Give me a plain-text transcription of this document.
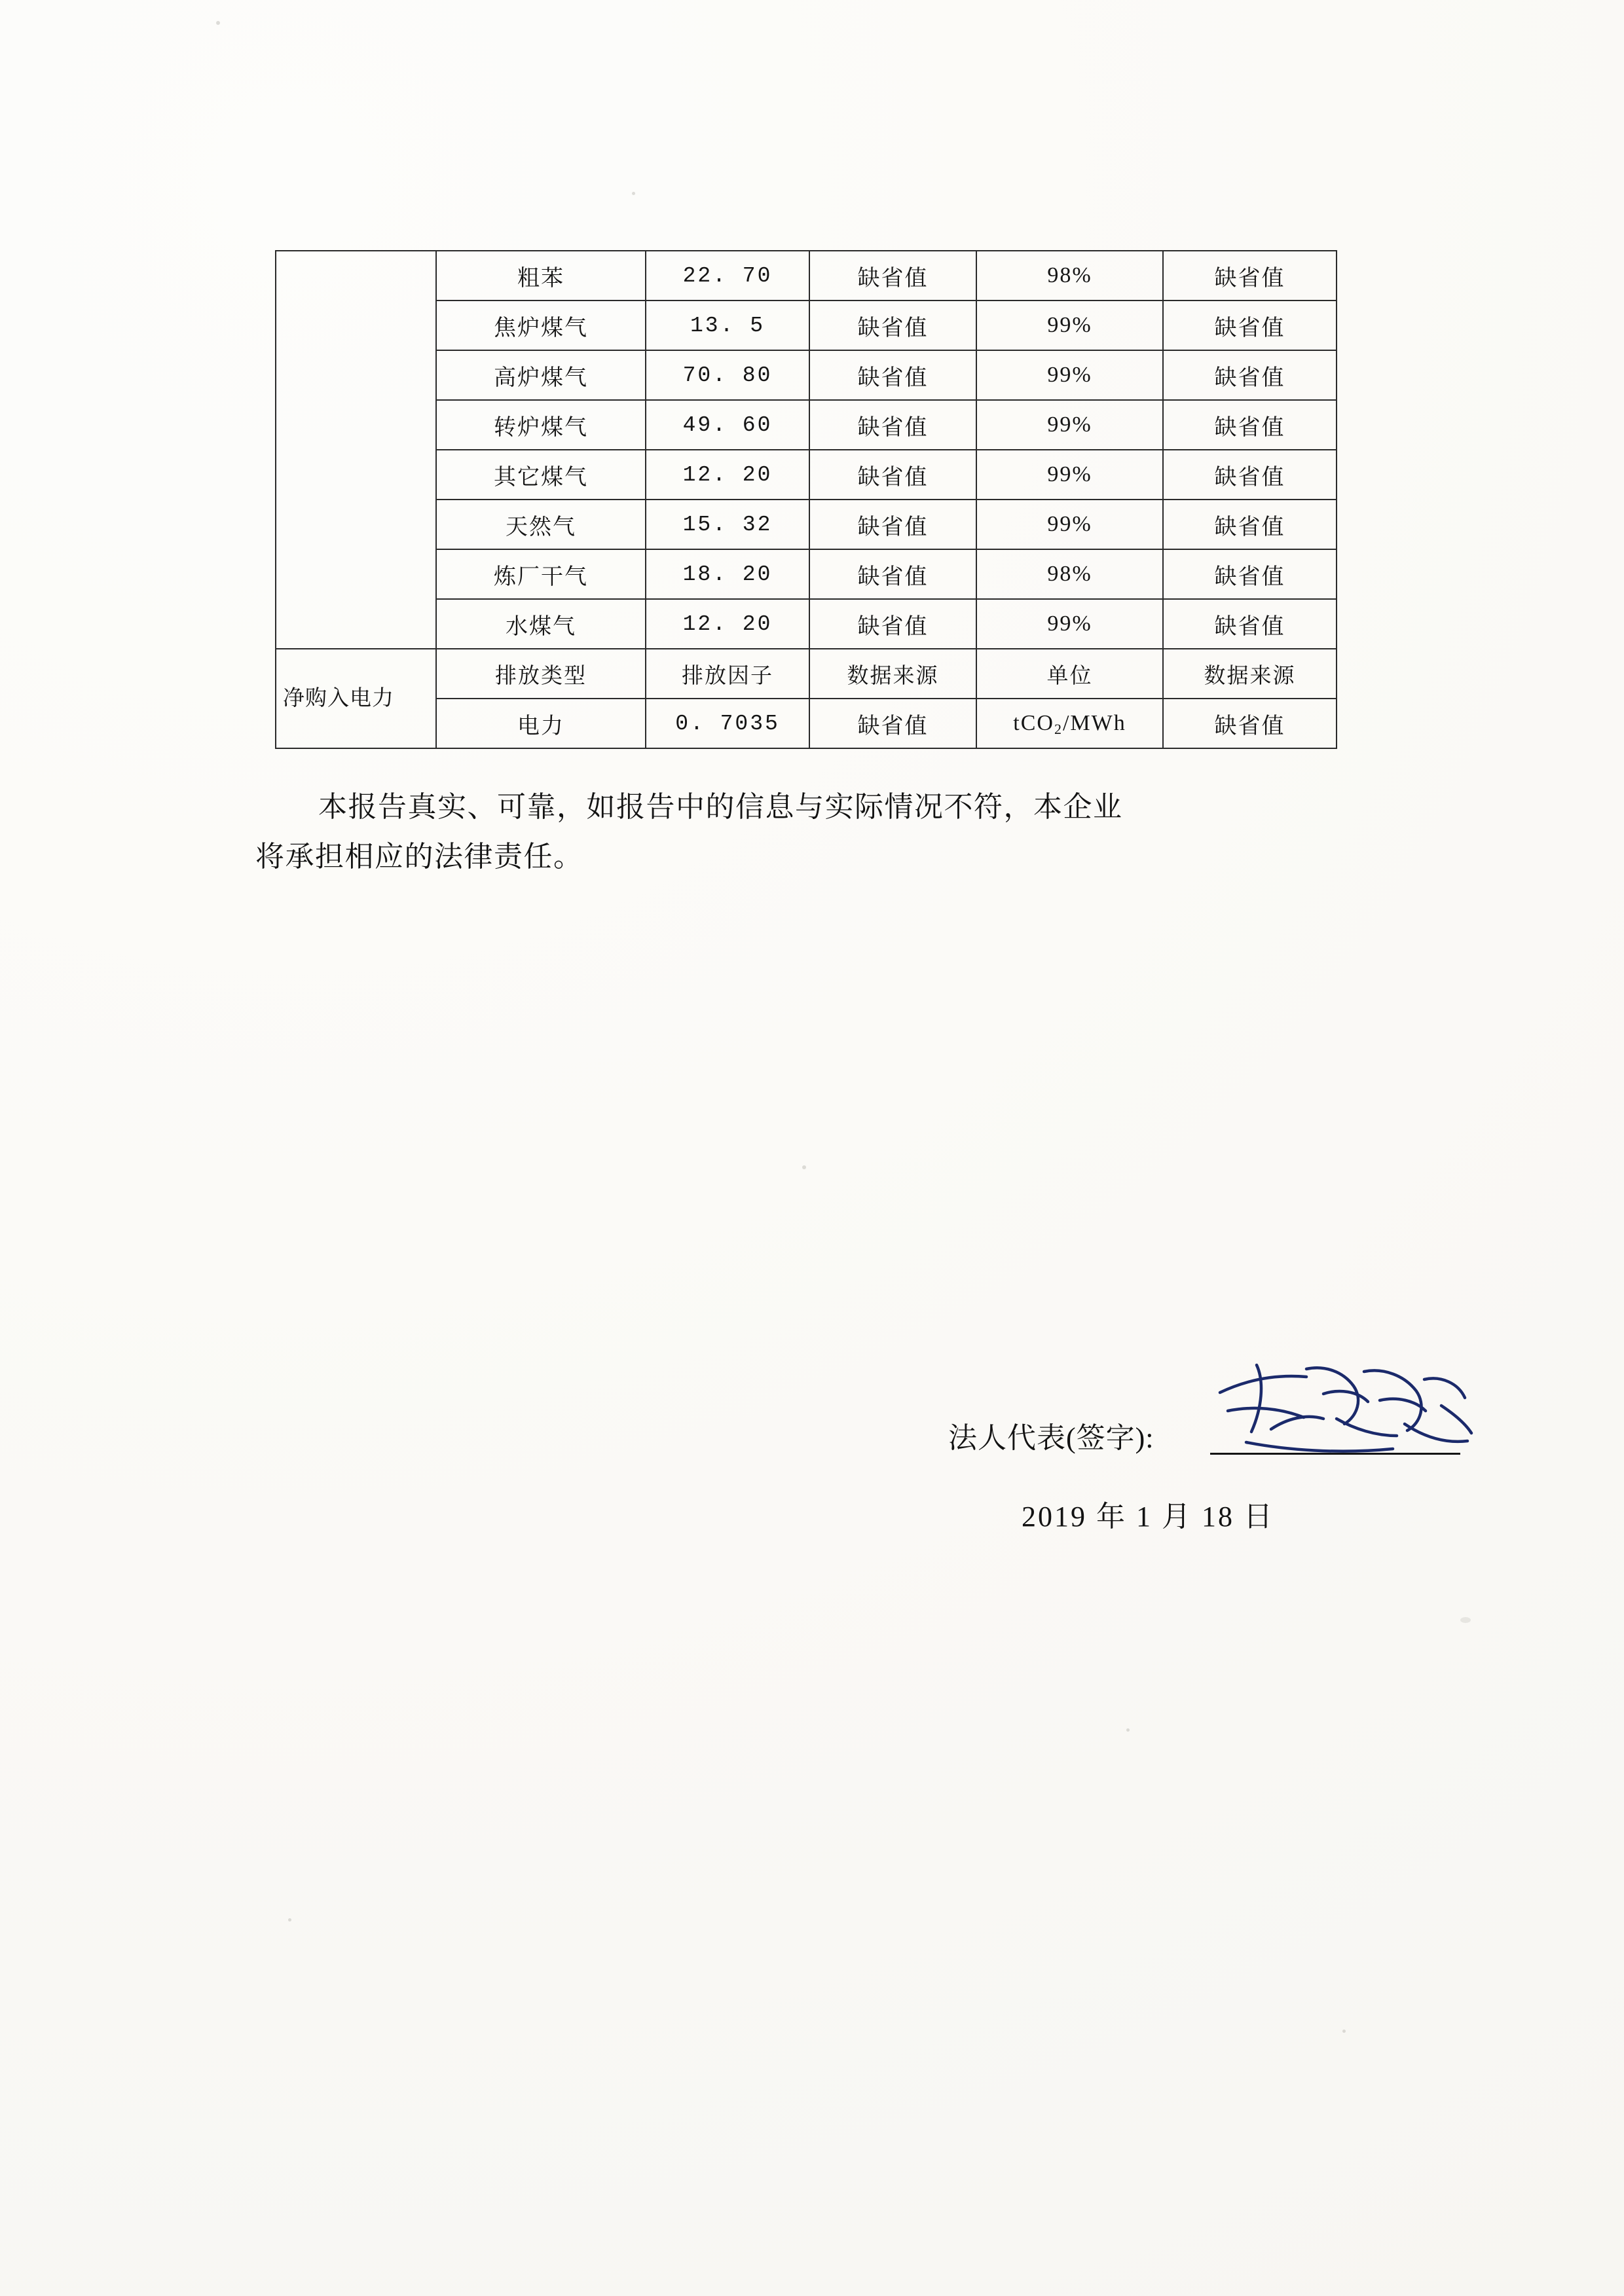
	粗苯	22. 70	缺省值	98%	缺省值
	焦炉煤气	13. 5	缺省值	99%	缺省值
	高炉煤气	70. 80	缺省值	99%	缺省值
	转炉煤气	49. 60	缺省值	99%	缺省值
	其它煤气	12. 20	缺省值	99%	缺省值
	天然气	15. 32	缺省值	99%	缺省值
	炼厂干气	18. 20	缺省值	98%	缺省值
	水煤气	12. 20	缺省值	99%	缺省值
净购入电力	排放类型	排放因子	数据来源	单位	数据来源
	电力	0. 7035	缺省值	tCO$_2$/MWh	缺省值
本报告真实、可靠，如报告中的信息与实际情况不符，本企业
将承担相应的法律责任。
法人代表(签字):
2019 年 1 月 18 日
